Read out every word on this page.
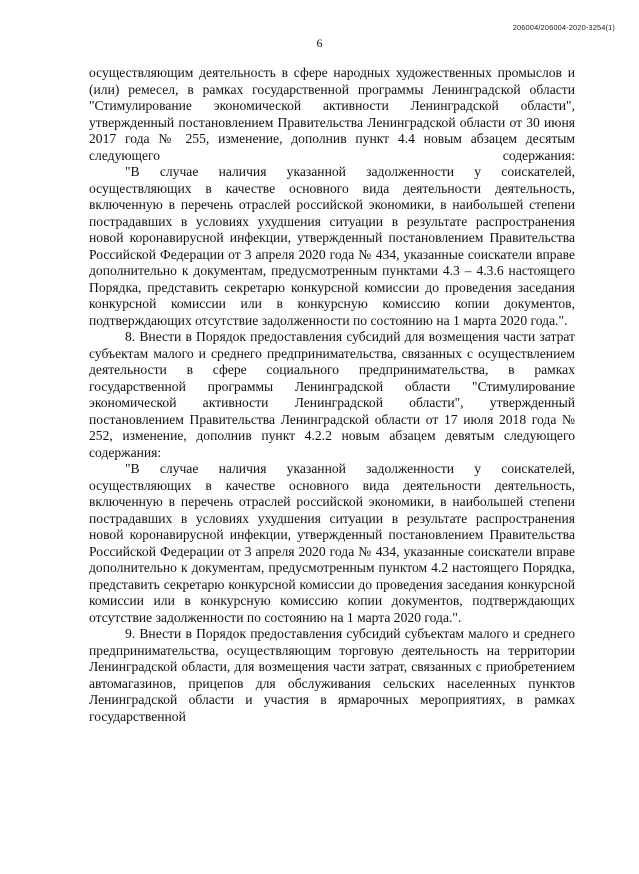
206004/206004-2020-3254(1)
6

осуществляющим деятельность в сфере народных художественных промыслов и (или) ремесел, в рамках государственной программы Ленинградской области "Стимулирование экономической активности Ленинградской области", утвержденный постановлением Правительства Ленинградской области от 30 июня 2017 года № 255, изменение, дополнив пункт 4.4 новым абзацем десятым следующего содержания:

"В случае наличия указанной задолженности у соискателей, осуществляющих в качестве основного вида деятельности деятельность, включенную в перечень отраслей российской экономики, в наибольшей степени пострадавших в условиях ухудшения ситуации в результате распространения новой коронавирусной инфекции, утвержденный постановлением Правительства Российской Федерации от 3 апреля 2020 года № 434, указанные соискатели вправе дополнительно к документам, предусмотренным пунктами 4.3 – 4.3.6 настоящего Порядка, представить секретарю конкурсной комиссии до проведения заседания конкурсной комиссии или в конкурсную комиссию копии документов, подтверждающих отсутствие задолженности по состоянию на 1 марта 2020 года.".

8. Внести в Порядок предоставления субсидий для возмещения части затрат субъектам малого и среднего предпринимательства, связанных с осуществлением деятельности в сфере социального предпринимательства, в рамках государственной программы Ленинградской области "Стимулирование экономической активности Ленинградской области", утвержденный постановлением Правительства Ленинградской области от 17 июля 2018 года № 252, изменение, дополнив пункт 4.2.2 новым абзацем девятым следующего содержания:

"В случае наличия указанной задолженности у соискателей, осуществляющих в качестве основного вида деятельности деятельность, включенную в перечень отраслей российской экономики, в наибольшей степени пострадавших в условиях ухудшения ситуации в результате распространения новой коронавирусной инфекции, утвержденный постановлением Правительства Российской Федерации от 3 апреля 2020 года № 434, указанные соискатели вправе дополнительно к документам, предусмотренным пунктом 4.2 настоящего Порядка, представить секретарю конкурсной комиссии до проведения заседания конкурсной комиссии или в конкурсную комиссию копии документов, подтверждающих отсутствие задолженности по состоянию на 1 марта 2020 года.".

9. Внести в Порядок предоставления субсидий субъектам малого и среднего предпринимательства, осуществляющим торговую деятельность на территории Ленинградской области, для возмещения части затрат, связанных с приобретением автомагазинов, прицепов для обслуживания сельских населенных пунктов Ленинградской области и участия в ярмарочных мероприятиях, в рамках государственной
